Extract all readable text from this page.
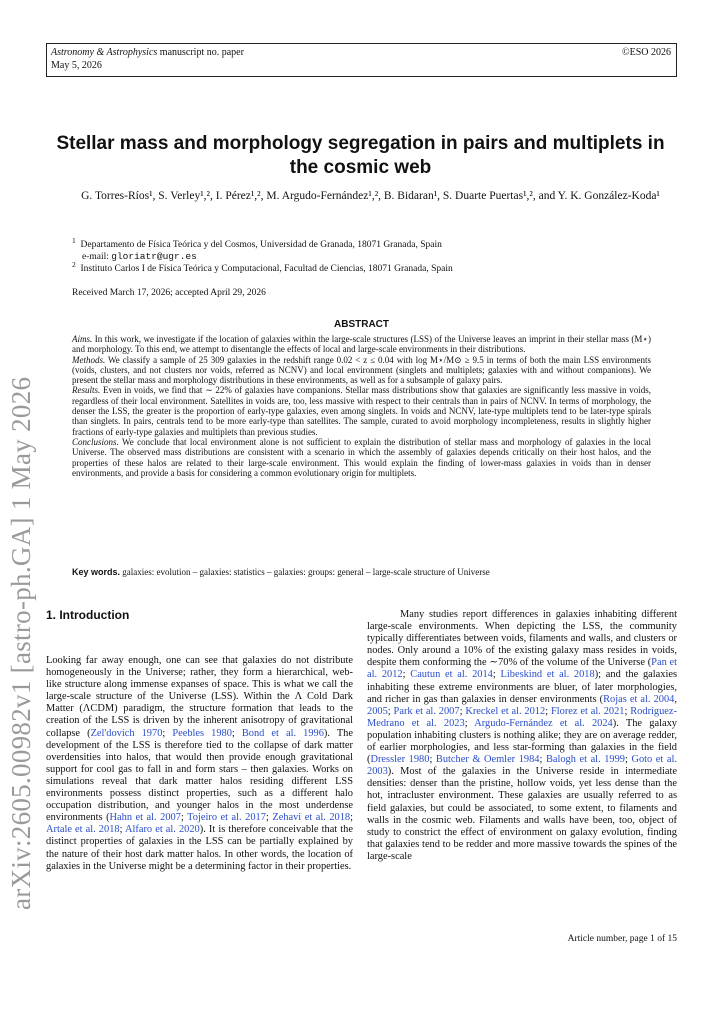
Astronomy & Astrophysics manuscript no. paper
May 5, 2026
©ESO 2026
arXiv:2605.00982v1 [astro-ph.GA] 1 May 2026
Stellar mass and morphology segregation in pairs and multiplets in the cosmic web
G. Torres-Ríos¹, S. Verley¹,², I. Pérez¹,², M. Argudo-Fernández¹,², B. Bidaran¹, S. Duarte Puertas¹,², and Y. K. González-Koda¹
$^1$ Departamento de Física Teórica y del Cosmos, Universidad de Granada, 18071 Granada, Spain
e-mail: gloriatr@ugr.es
$^2$ Instituto Carlos I de Física Teórica y Computacional, Facultad de Ciencias, 18071 Granada, Spain
Received March 17, 2026; accepted April 29, 2026
ABSTRACT

Aims. In this work, we investigate if the location of galaxies within the large-scale structures (LSS) of the Universe leaves an imprint in their stellar mass (M⋆) and morphology. To this end, we attempt to disentangle the effects of local and large-scale environments in their distributions.

Methods. We classify a sample of 25 309 galaxies in the redshift range 0.02 < z ≤ 0.04 with log M⋆/M⊙ ≥ 9.5 in terms of both the main LSS environments (voids, clusters, and not clusters nor voids, referred as NCNV) and local environment (singlets and multiplets; galaxies with and without companions). We present the stellar mass and morphology distributions in these environments, as well as for a subsample of galaxy pairs.

Results. Even in voids, we find that ∼ 22% of galaxies have companions. Stellar mass distributions show that galaxies are significantly less massive in voids, regardless of their local environment. Satellites in voids are, too, less massive with respect to their centrals than in pairs of NCNV. In terms of morphology, the denser the LSS, the greater is the proportion of early-type galaxies, even among singlets. In voids and NCNV, late-type multiplets tend to be later-type spirals than singlets. In pairs, centrals tend to be more early-type than satellites. The sample, curated to avoid morphology incompleteness, results in slightly higher fractions of early-type galaxies and multiplets than previous studies.

Conclusions. We conclude that local environment alone is not sufficient to explain the distribution of stellar mass and morphology of galaxies in the local Universe. The observed mass distributions are consistent with a scenario in which the assembly of galaxies depends critically on their host halos, and the properties of these halos are related to their large-scale environment. This would explain the finding of lower-mass galaxies in voids than in denser environments, and provide a basis for considering a common evolutionary origin for multiplets.

Key words. galaxies: evolution – galaxies: statistics – galaxies: groups: general – large-scale structure of Universe
1. Introduction

Looking far away enough, one can see that galaxies do not distribute homogeneously in the Universe; rather, they form a hierarchical, web-like structure along immense expanses of space. This is what we call the large-scale structure of the Universe (LSS). Within the Λ Cold Dark Matter (ΛCDM) paradigm, the structure formation that leads to the creation of the LSS is driven by the inherent anisotropy of gravitational collapse (Zel'dovich 1970; Peebles 1980; Bond et al. 1996). The development of the LSS is therefore tied to the collapse of dark matter overdensities into halos, that would then provide enough gravitational support for cool gas to fall in and form stars – then galaxies. Works on simulations reveal that dark matter halos residing different LSS environments possess distinct properties, such as a different halo occupation distribution, and younger halos in the most underdense environments (Hahn et al. 2007; Tojeiro et al. 2017; Zehavi et al. 2018; Artale et al. 2018; Alfaro et al. 2020). It is therefore conceivable that the distinct properties of galaxies in the LSS can be partially explained by the nature of their host dark matter halos. In other words, the location of galaxies in the Universe might be a determining factor in their properties.

Many studies report differences in galaxies inhabiting different large-scale environments. When depicting the LSS, the community typically differentiates between voids, filaments and walls, and clusters or nodes. Only around a 10% of the existing galaxy mass resides in voids, despite them conforming the ∼70% of the volume of the Universe (Pan et al. 2012; Cautun et al. 2014; Libeskind et al. 2018); and the galaxies inhabiting these extreme environments are bluer, of later morphologies, and richer in gas than galaxies in denser environments (Rojas et al. 2004, 2005; Park et al. 2007; Kreckel et al. 2012; Florez et al. 2021; Rodríguez-Medrano et al. 2023; Argudo-Fernández et al. 2024). The galaxy population inhabiting clusters is nothing alike; they are on average redder, of earlier morphologies, and less star-forming than galaxies in the field (Dressler 1980; Butcher & Oemler 1984; Balogh et al. 1999; Goto et al. 2003). Most of the galaxies in the Universe reside in intermediate densities: denser than the pristine, hollow voids, yet less dense than the hot, intracluster environment. These galaxies are usually referred to as field galaxies, but could be associated, to some extent, to filaments and walls in the cosmic web. Filaments and walls have been, too, object of study to constrict the effect of environment on galaxy evolution, finding that galaxies tend to be redder and more massive towards the spines of the large-scale

Article number, page 1 of 15
